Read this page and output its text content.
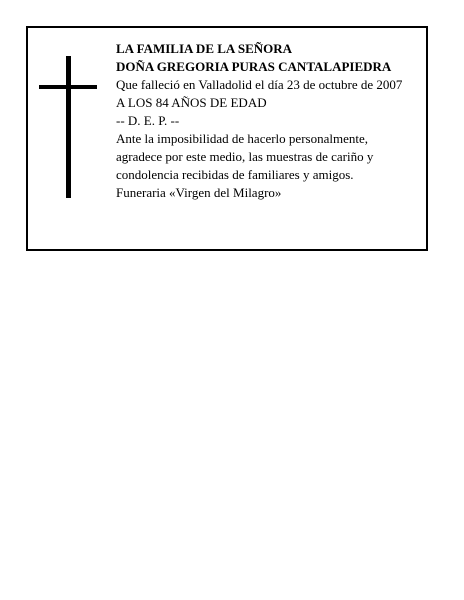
LA FAMILIA DE LA SEÑORA
DOÑA GREGORIA PURAS CANTALAPIEDRA
Que falleció en Valladolid el día 23 de octubre de 2007
A LOS 84 AÑOS DE EDAD
-- D. E. P. --
Ante la imposibilidad de hacerlo personalmente,
agradece por este medio, las muestras de cariño y
condolencia recibidas de familiares y amigos.
Funeraria «Virgen del Milagro»
